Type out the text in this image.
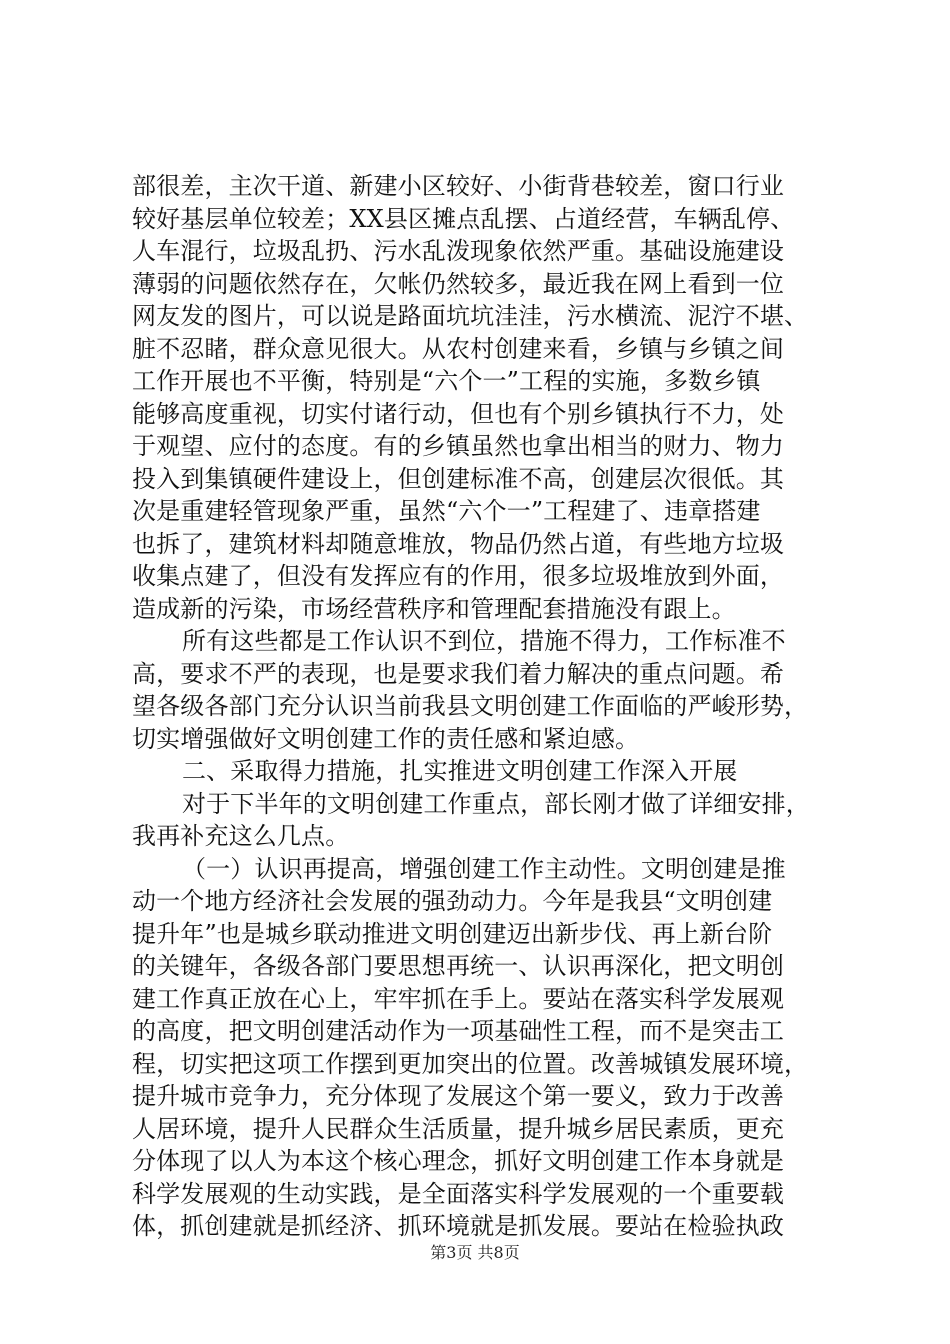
部很差，主次干道、新建小区较好、小街背巷较差，窗口行业
较好基层单位较差；XX县区摊点乱摆、占道经营，车辆乱停、
人车混行，垃圾乱扔、污水乱泼现象依然严重。基础设施建设
薄弱的问题依然存在，欠帐仍然较多，最近我在网上看到一位
网友发的图片，可以说是路面坑坑洼洼，污水横流、泥泞不堪、
脏不忍睹，群众意见很大。从农村创建来看，乡镇与乡镇之间
工作开展也不平衡，特别是“六个一”工程的实施，多数乡镇
能够高度重视，切实付诸行动，但也有个别乡镇执行不力，处
于观望、应付的态度。有的乡镇虽然也拿出相当的财力、物力
投入到集镇硬件建设上，但创建标准不高，创建层次很低。其
次是重建轻管现象严重，虽然“六个一”工程建了、违章搭建
也拆了，建筑材料却随意堆放，物品仍然占道，有些地方垃圾
收集点建了，但没有发挥应有的作用，很多垃圾堆放到外面，
造成新的污染，市场经营秩序和管理配套措施没有跟上。
所有这些都是工作认识不到位，措施不得力，工作标准不
高，要求不严的表现，也是要求我们着力解决的重点问题。希
望各级各部门充分认识当前我县文明创建工作面临的严峻形势，
切实增强做好文明创建工作的责任感和紧迫感。
二、采取得力措施，扎实推进文明创建工作深入开展
对于下半年的文明创建工作重点，部长刚才做了详细安排，
我再补充这么几点。
（一）认识再提高，增强创建工作主动性。文明创建是推
动一个地方经济社会发展的强劲动力。今年是我县“文明创建
提升年”也是城乡联动推进文明创建迈出新步伐、再上新台阶
的关键年，各级各部门要思想再统一、认识再深化，把文明创
建工作真正放在心上，牢牢抓在手上。要站在落实科学发展观
的高度，把文明创建活动作为一项基础性工程，而不是突击工
程，切实把这项工作摆到更加突出的位置。改善城镇发展环境，
提升城市竞争力，充分体现了发展这个第一要义，致力于改善
人居环境，提升人民群众生活质量，提升城乡居民素质，更充
分体现了以人为本这个核心理念，抓好文明创建工作本身就是
科学发展观的生动实践，是全面落实科学发展观的一个重要载
体，抓创建就是抓经济、抓环境就是抓发展。要站在检验执政
第3页 共8页
